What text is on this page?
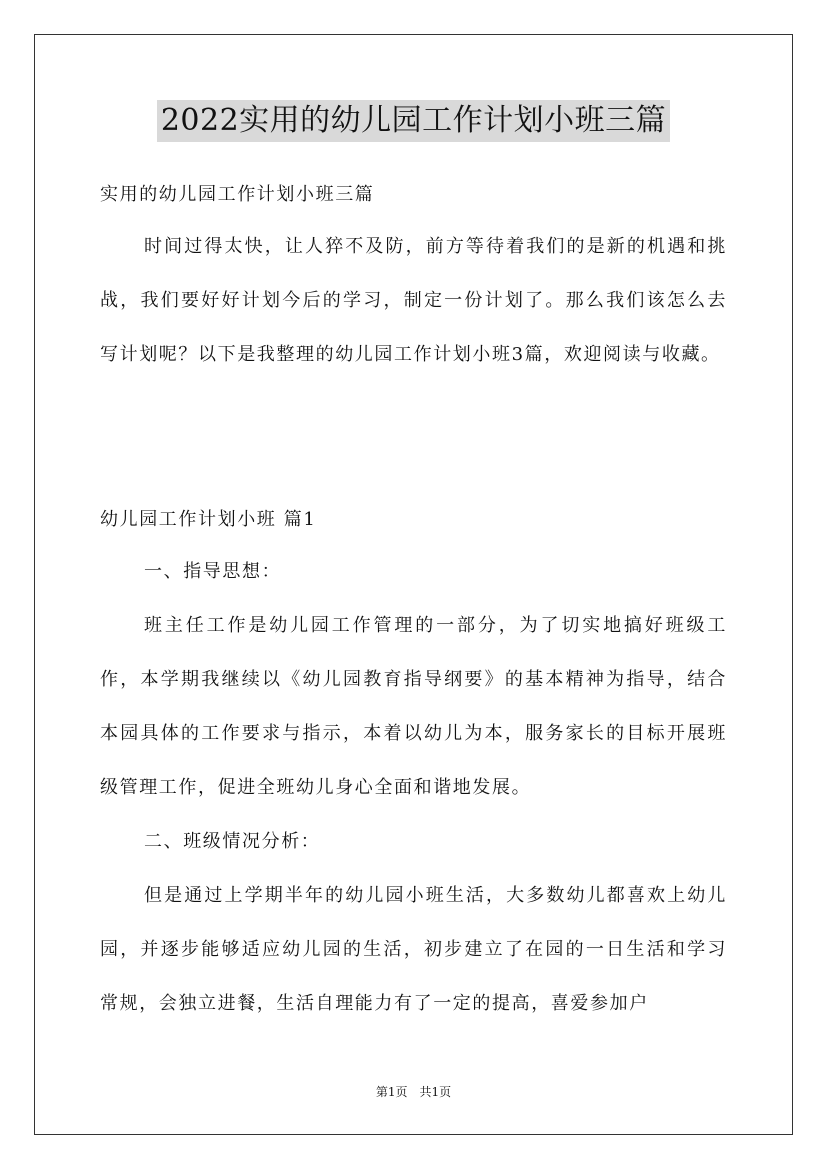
2022实用的幼儿园工作计划小班三篇

实用的幼儿园工作计划小班三篇

时间过得太快，让人猝不及防，前方等待着我们的是新的机遇和挑战，我们要好好计划今后的学习，制定一份计划了。那么我们该怎么去写计划呢？以下是我整理的幼儿园工作计划小班3篇，欢迎阅读与收藏。

幼儿园工作计划小班 篇1

一、指导思想：

班主任工作是幼儿园工作管理的一部分，为了切实地搞好班级工作，本学期我继续以《幼儿园教育指导纲要》的基本精神为指导，结合本园具体的工作要求与指示，本着以幼儿为本，服务家长的目标开展班级管理工作，促进全班幼儿身心全面和谐地发展。

二、班级情况分析：

但是通过上学期半年的幼儿园小班生活，大多数幼儿都喜欢上幼儿园，并逐步能够适应幼儿园的生活，初步建立了在园的一日生活和学习常规，会独立进餐，生活自理能力有了一定的提高，喜爱参加户

第1页　共1页
